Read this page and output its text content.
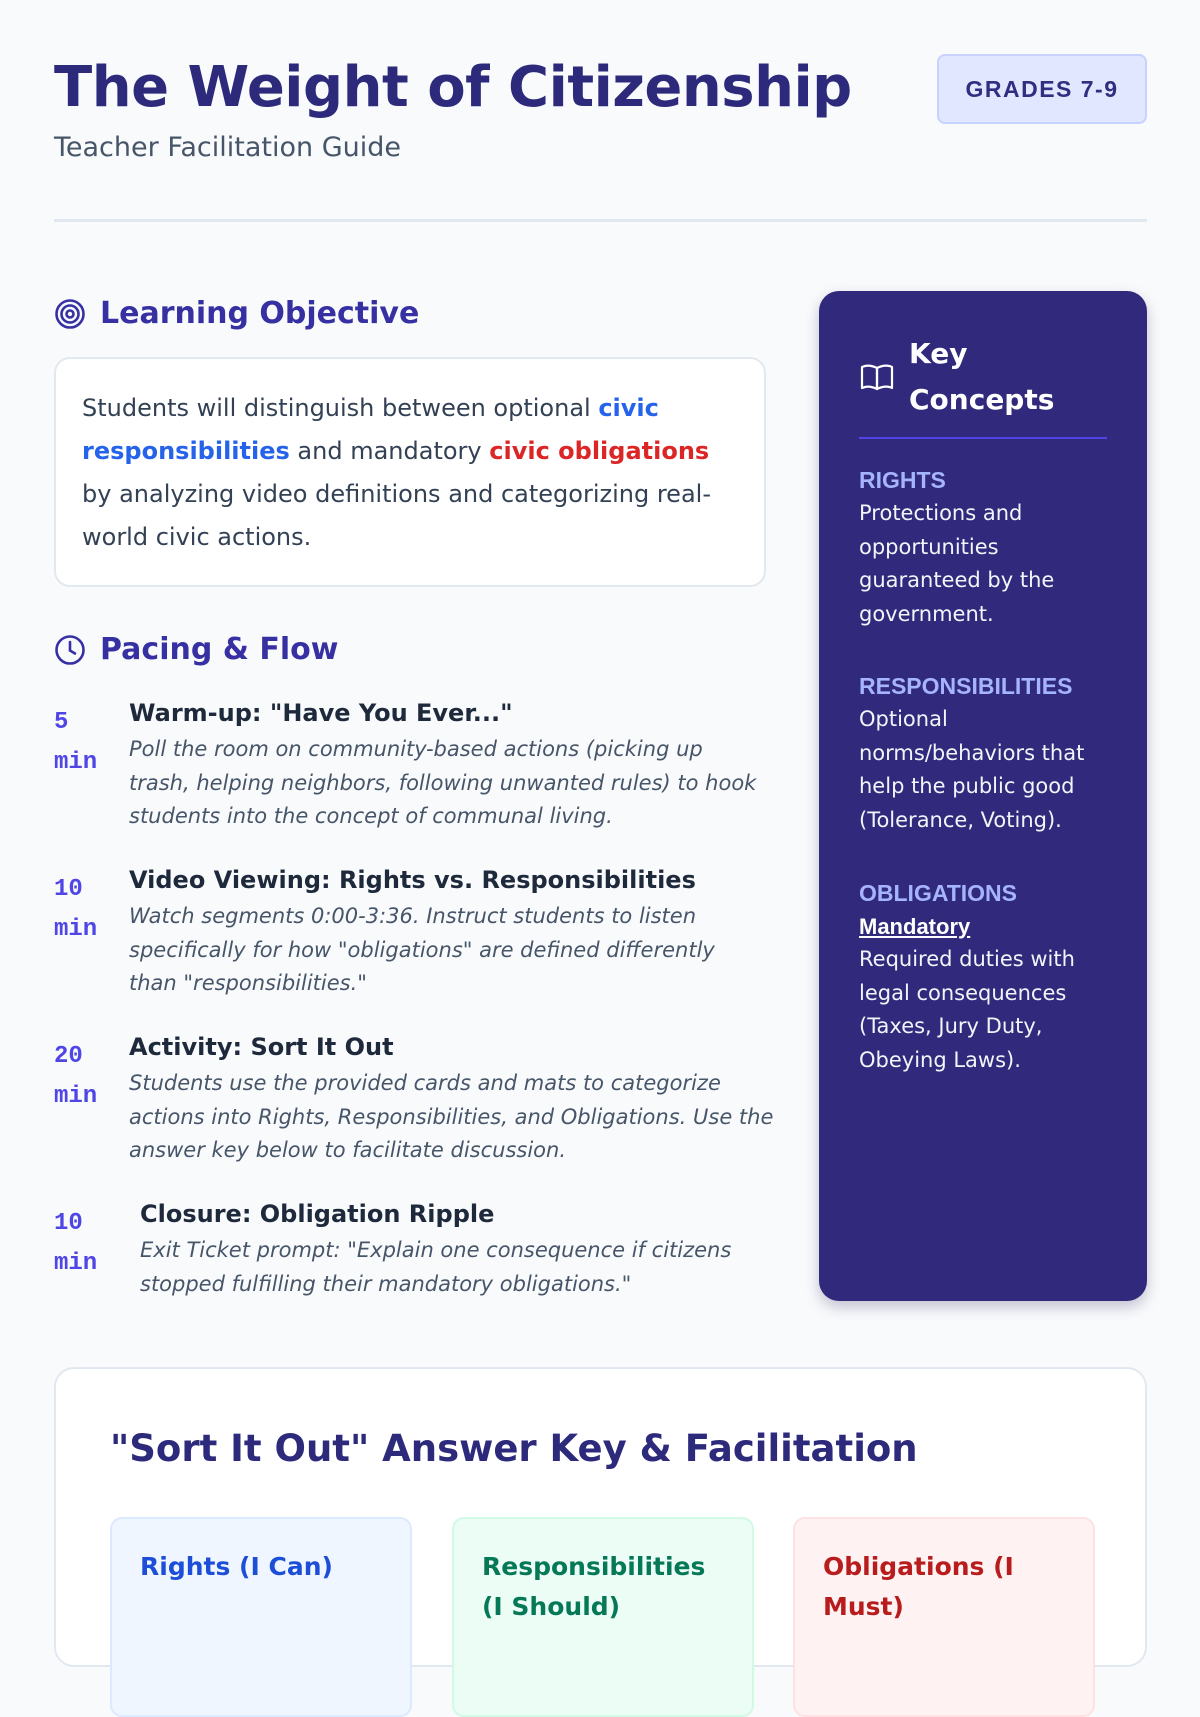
The Weight of Citizenship
Teacher Facilitation Guide
GRADES 7-9
Learning Objective
Students will distinguish between optional civic responsibilities and mandatory civic obligations by analyzing video definitions and categorizing real-world civic actions.
Pacing & Flow
5
min
Warm-up: "Have You Ever..."
Poll the room on community-based actions (picking up trash, helping neighbors, following unwanted rules) to hook students into the concept of communal living.
10
min
Video Viewing: Rights vs. Responsibilities
Watch segments 0:00-3:36. Instruct students to listen specifically for how "obligations" are defined differently than "responsibilities."
20
min
Activity: Sort It Out
Students use the provided cards and mats to categorize actions into Rights, Responsibilities, and Obligations. Use the answer key below to facilitate discussion.
10
min
Closure: Obligation Ripple
Exit Ticket prompt: "Explain one consequence if citizens stopped fulfilling their mandatory obligations."
Key Concepts
RIGHTS
Protections and opportunities guaranteed by the government.
RESPONSIBILITIES
Optional norms/behaviors that help the public good (Tolerance, Voting).
OBLIGATIONS
Mandatory
Required duties with legal consequences (Taxes, Jury Duty, Obeying Laws).
"Sort It Out" Answer Key & Facilitation
Rights (I Can)	Responsibilities (I Should)
Obligations (I Must)
